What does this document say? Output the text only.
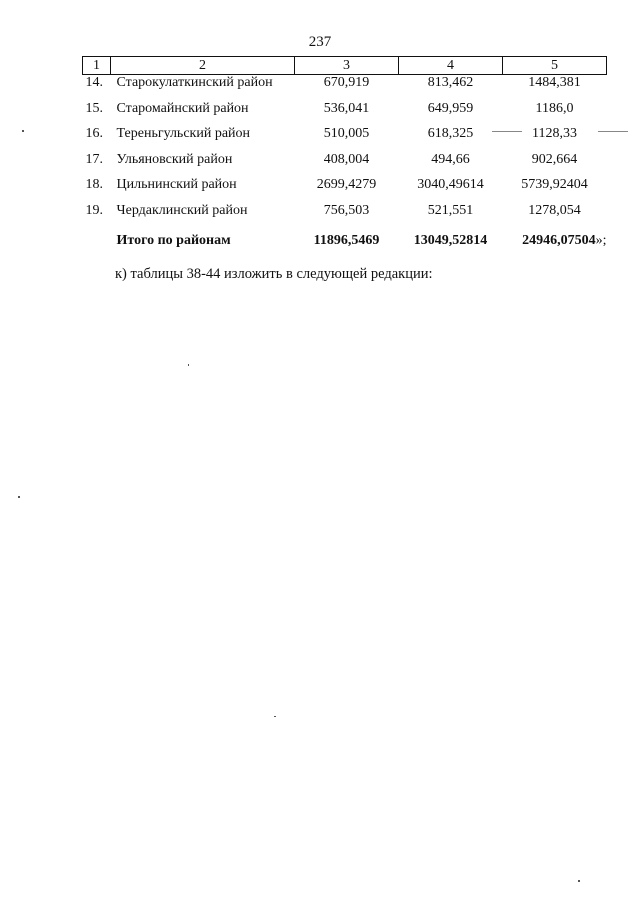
237
1	2	3	4	5
14.	Старокулаткинский район	670,919	813,462	1484,381
15.	Старомайнский район	536,041	649,959	1186,0
16.	Тереньгульский район	510,005	618,325	1128,33
17.	Ульяновский район	408,004	494,66	902,664
18.	Цильнинский район	2699,4279	3040,49614	5739,92404
19.	Чердаклинский район	756,503	521,551	1278,054
	Итого по районам	11896,5469	13049,52814	24946,07504»;
к) таблицы 38-44 изложить в следующей редакции:
